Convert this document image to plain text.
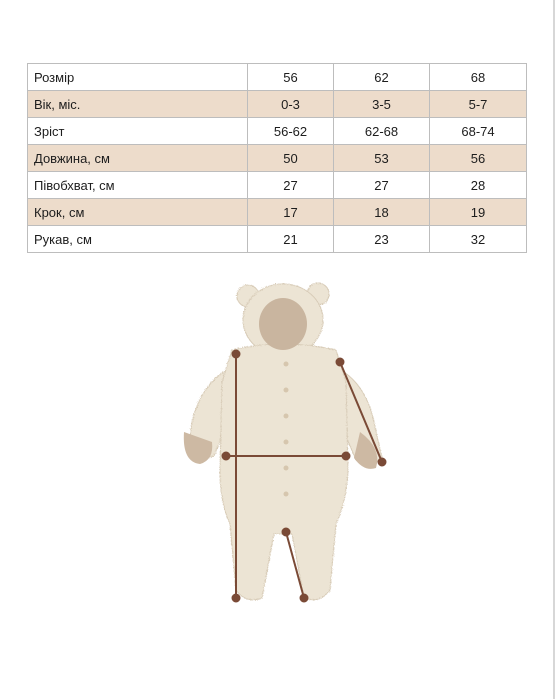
Розмір	56	62	68
Вік, міс.	0-3	3-5	5-7
Зрiст	56-62	62-68	68-74
Довжина, см	50	53	56
Півобхват, см	27	27	28
Крок, см	17	18	19
Рукав, см	21	23	32
